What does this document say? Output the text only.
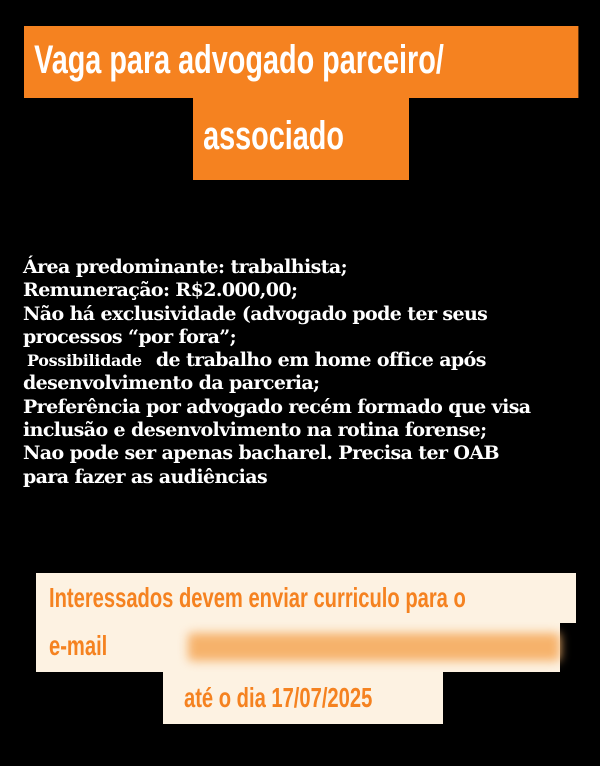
Vaga para advogado parceiro/
associado
Área predominante: trabalhista;
Remuneração: R$2.000,00;
Não há exclusividade (advogado pode ter seus
processos “por fora”;
Possibilidade de trabalho em home office após
desenvolvimento da parceria;
Preferência por advogado recém formado que visa
inclusão e desenvolvimento na rotina forense;
Nao pode ser apenas bacharel. Precisa ter OAB
para fazer as audiências
Interessados devem enviar curriculo para o
e-mail
até o dia 17/07/2025
